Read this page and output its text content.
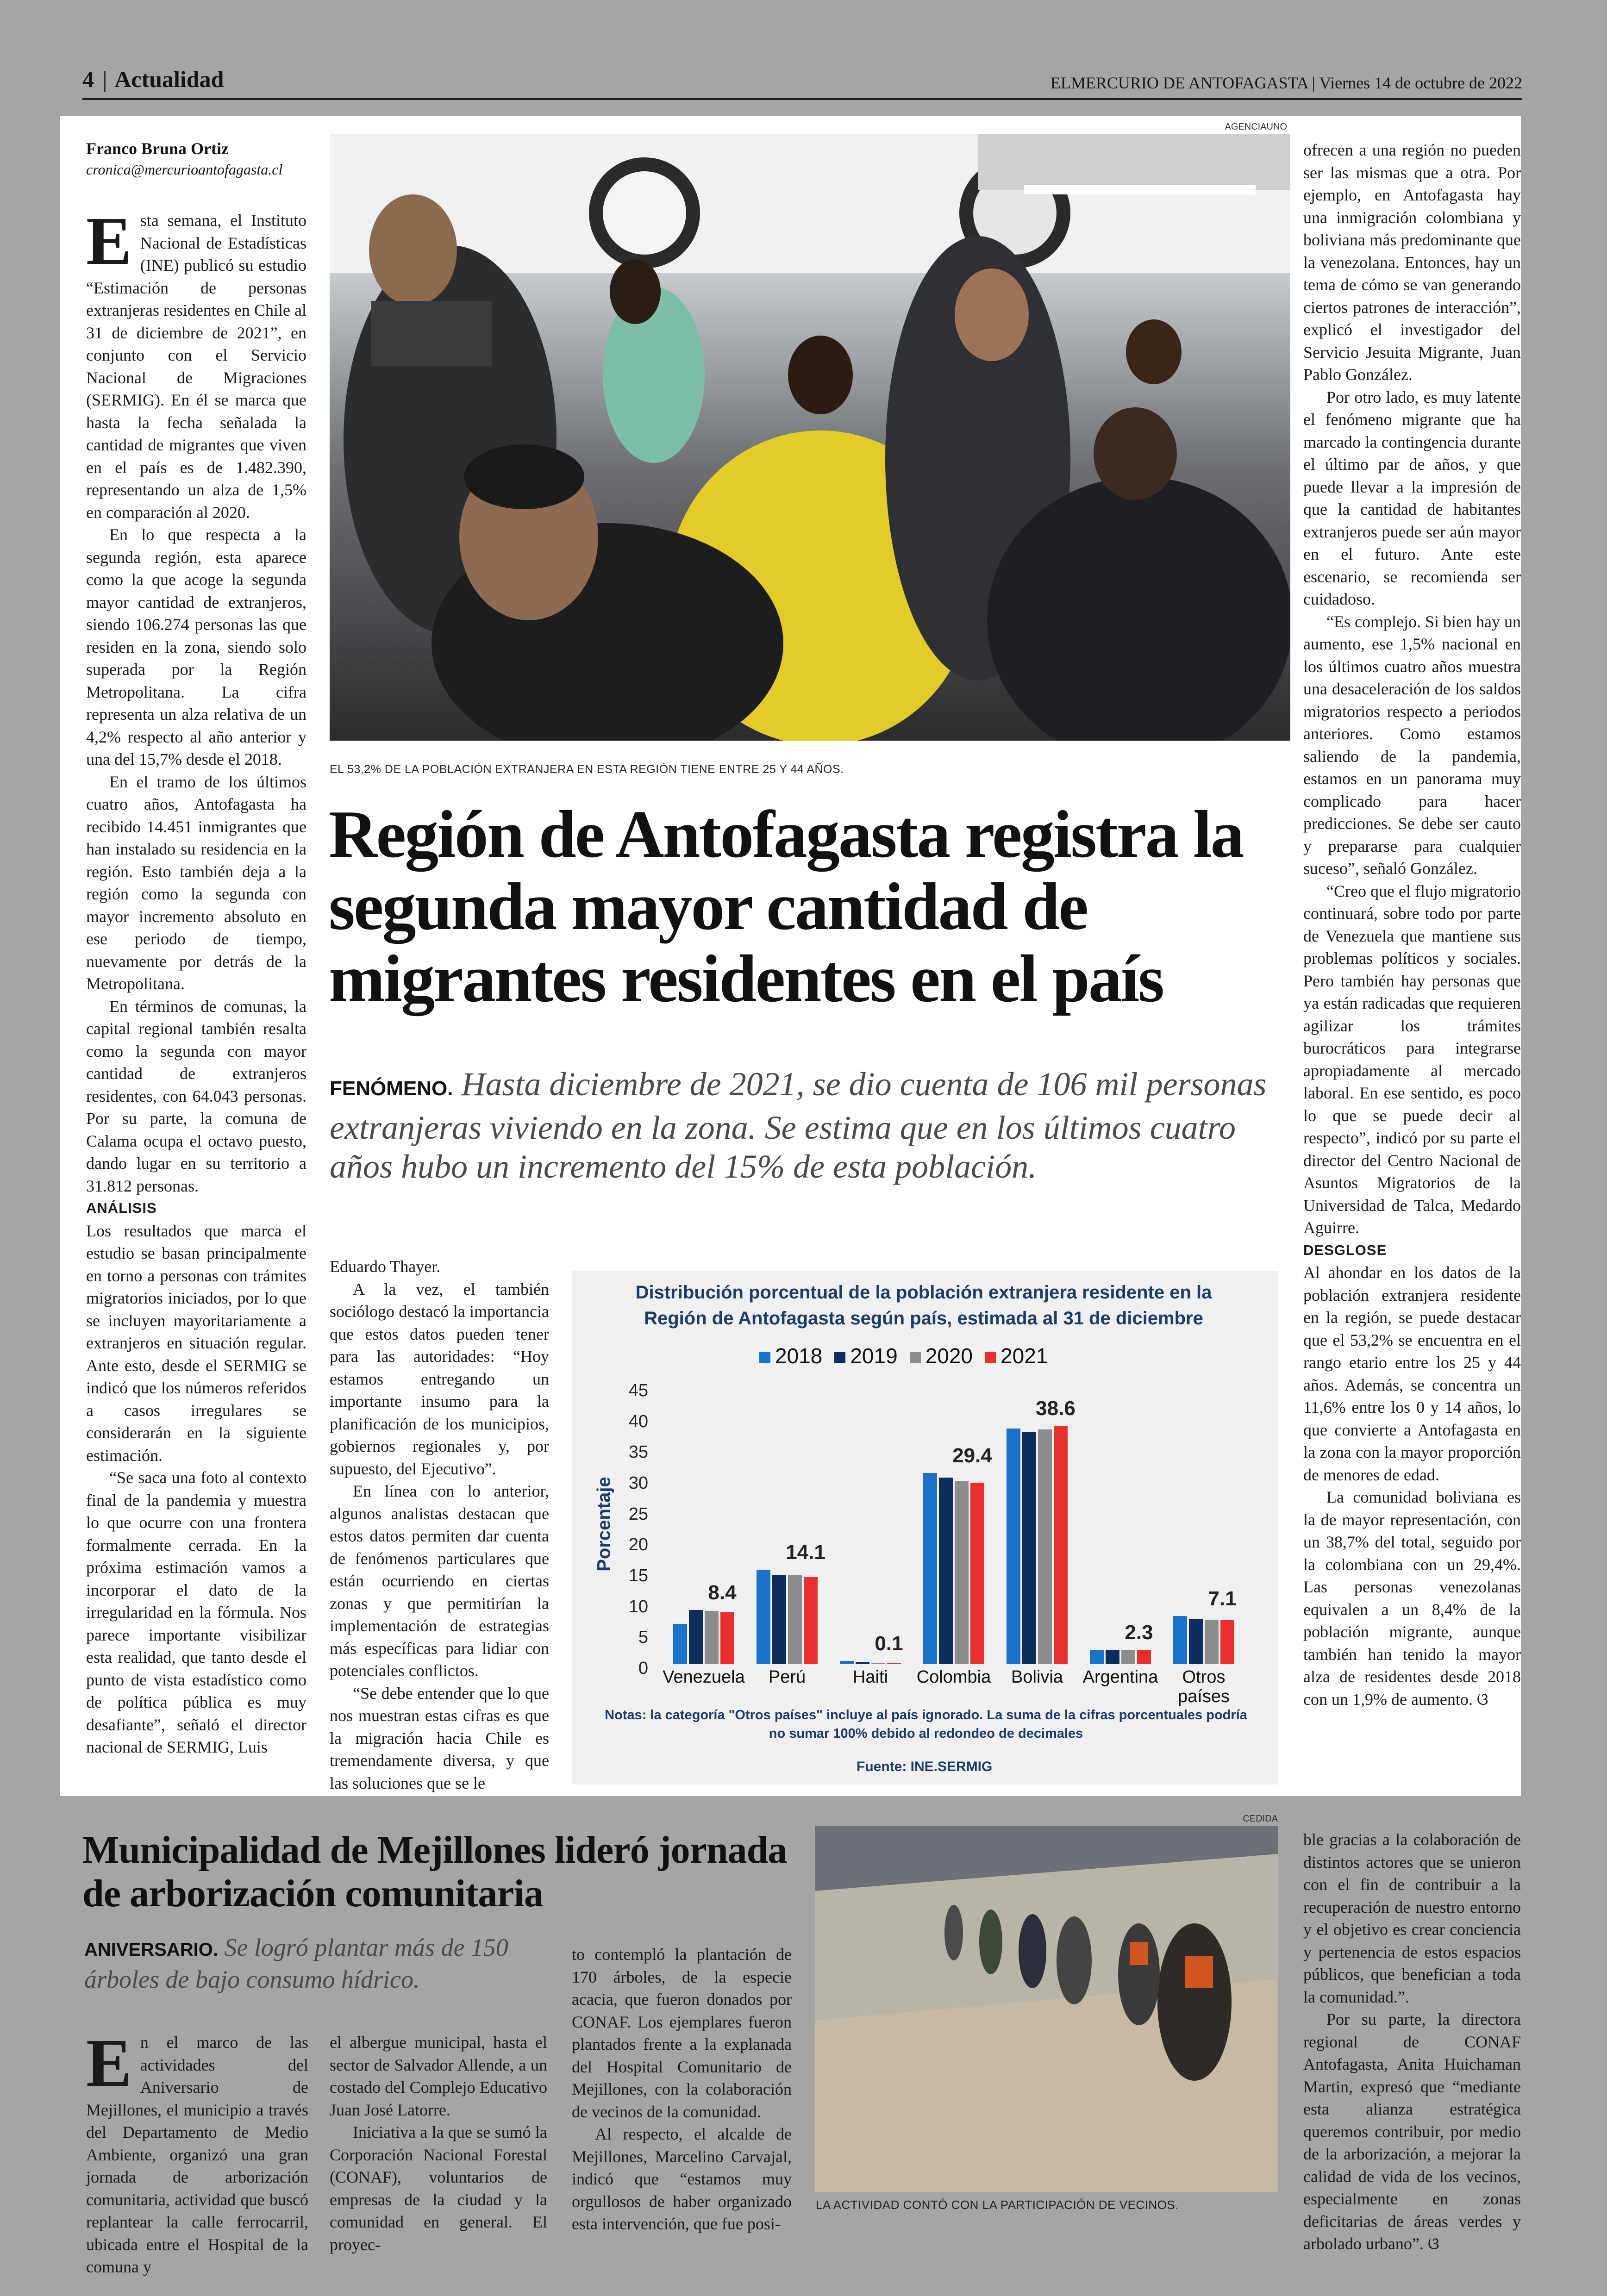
4 | Actualidad	ELMERCURIO DE ANTOFAGASTA | Viernes 14 de octubre de 2022
Franco Bruna Ortiz
cronica@mercurioantofagasta.cl

Esta semana, el Instituto Nacional de Estadísticas (INE) publicó su estudio “Estimación de personas extranjeras residentes en Chile al 31 de diciembre de 2021”, en conjunto con el Servicio Nacional de Migraciones (SERMIG). En él se marca que hasta la fecha señalada la cantidad de migrantes que viven en el país es de 1.482.390, representando un alza de 1,5% en comparación al 2020.

En lo que respecta a la segunda región, esta aparece como la que acoge la segunda mayor cantidad de extranjeros, siendo 106.274 personas las que residen en la zona, siendo solo superada por la Región Metropolitana. La cifra representa un alza relativa de un 4,2% respecto al año anterior y una del 15,7% desde el 2018.

En el tramo de los últimos cuatro años, Antofagasta ha recibido 14.451 inmigrantes que han instalado su residencia en la región. Esto también deja a la región como la segunda con mayor incremento absoluto en ese periodo de tiempo, nuevamente por detrás de la Metropolitana.

En términos de comunas, la capital regional también resalta como la segunda con mayor cantidad de extranjeros residentes, con 64.043 personas. Por su parte, la comuna de Calama ocupa el octavo puesto, dando lugar en su territorio a 31.812 personas.

ANÁLISIS

Los resultados que marca el estudio se basan principalmente en torno a personas con trámites migratorios iniciados, por lo que se incluyen mayoritariamente a extranjeros en situación regular. Ante esto, desde el SERMIG se indicó que los números referidos a casos irregulares se considerarán en la siguiente estimación.

“Se saca una foto al contexto final de la pandemia y muestra lo que ocurre con una frontera formalmente cerrada. En la próxima estimación vamos a incorporar el dato de la irregularidad en la fórmula. Nos parece importante visibilizar esta realidad, que tanto desde el punto de vista estadístico como de política pública es muy desafiante”, señaló el director nacional de SERMIG, Luis

AGENCIAUNO
EL 53,2% DE LA POBLACIÓN EXTRANJERA EN ESTA REGIÓN TIENE ENTRE 25 Y 44 AÑOS.
Región de Antofagasta registra la segunda mayor cantidad de migrantes residentes en el país
FENÓMENO. Hasta diciembre de 2021, se dio cuenta de 106 mil personas extranjeras viviendo en la zona. Se estima que en los últimos cuatro años hubo un incremento del 15% de esta población.

Eduardo Thayer.

A la vez, el también sociólogo destacó la importancia que estos datos pueden tener para las autoridades: “Hoy estamos entregando un importante insumo para la planificación de los municipios, gobiernos regionales y, por supuesto, del Ejecutivo”.

En línea con lo anterior, algunos analistas destacan que estos datos permiten dar cuenta de fenómenos particulares que están ocurriendo en ciertas zonas y que permitirían la implementación de estrategias más específicas para lidiar con potenciales conflictos.

“Se debe entender que lo que nos muestran estas cifras es que la migración hacia Chile es tremendamente diversa, y que las soluciones que se le

Distribución porcentual de la población extranjera residente en la Región de Antofagasta según país, estimada al 31 de diciembre
2018	2019	2020	2021
Porcentaje
0
5
10
15
20
25
30
35
40
45
8.4
14.1
0.1
29.4
38.6
2.3
7.1
Venezuela	Perú	Haiti	Colombia	Bolivia	Argentina	Otros países
Notas: la categoría "Otros países" incluye al país ignorado. La suma de la cifras porcentuales podría no sumar 100% debido al redondeo de decimales
Fuente: INE.SERMIG

ofrecen a una región no pueden ser las mismas que a otra. Por ejemplo, en Antofagasta hay una inmigración colombiana y boliviana más predominante que la venezolana. Entonces, hay un tema de cómo se van generando ciertos patrones de interacción”, explicó el investigador del Servicio Jesuita Migrante, Juan Pablo González.

Por otro lado, es muy latente el fenómeno migrante que ha marcado la contingencia durante el último par de años, y que puede llevar a la impresión de que la cantidad de habitantes extranjeros puede ser aún mayor en el futuro. Ante este escenario, se recomienda ser cuidadoso.

“Es complejo. Si bien hay un aumento, ese 1,5% nacional en los últimos cuatro años muestra una desaceleración de los saldos migratorios respecto a periodos anteriores. Como estamos saliendo de la pandemia, estamos en un panorama muy complicado para hacer predicciones. Se debe ser cauto y prepararse para cualquier suceso”, señaló González.

“Creo que el flujo migratorio continuará, sobre todo por parte de Venezuela que mantiene sus problemas políticos y sociales. Pero también hay personas que ya están radicadas que requieren agilizar los trámites burocráticos para integrarse apropiadamente al mercado laboral. En ese sentido, es poco lo que se puede decir al respecto”, indicó por su parte el director del Centro Nacional de Asuntos Migratorios de la Universidad de Talca, Medardo Aguirre.

DESGLOSE

Al ahondar en los datos de la población extranjera residente en la región, se puede destacar que el 53,2% se encuentra en el rango etario entre los 25 y 44 años. Además, se concentra un 11,6% entre los 0 y 14 años, lo que convierte a Antofagasta en la zona con la mayor proporción de menores de edad.

La comunidad boliviana es la de mayor representación, con un 38,7% del total, seguido por la colombiana con un 29,4%. Las personas venezolanas equivalen a un 8,4% de la población migrante, aunque también han tenido la mayor alza de residentes desde 2018 con un 1,9% de aumento. ଓ

Municipalidad de Mejillones lideró jornada de arborización comunitaria
ANIVERSARIO. Se logró plantar más de 150 árboles de bajo consumo hídrico.

En el marco de las actividades del Aniversario de Mejillones, el municipio a través del Departamento de Medio Ambiente, organizó una gran jornada de arborización comunitaria, actividad que buscó replantear la calle ferrocarril, ubicada entre el Hospital de la comuna y

el albergue municipal, hasta el sector de Salvador Allende, a un costado del Complejo Educativo Juan José Latorre.

Iniciativa a la que se sumó la Corporación Nacional Forestal (CONAF), voluntarios de empresas de la ciudad y la comunidad en general. El proyec-

to contempló la plantación de 170 árboles, de la especie acacia, que fueron donados por CONAF. Los ejemplares fueron plantados frente a la explanada del Hospital Comunitario de Mejillones, con la colaboración de vecinos de la comunidad.

Al respecto, el alcalde de Mejillones, Marcelino Carvajal, indicó que “estamos muy orgullosos de haber organizado esta intervención, que fue posi-

CEDIDA
LA ACTIVIDAD CONTÓ CON LA PARTICIPACIÓN DE VECINOS.

ble gracias a la colaboración de distintos actores que se unieron con el fin de contribuir a la recuperación de nuestro entorno y el objetivo es crear conciencia y pertenencia de estos espacios públicos, que benefician a toda la comunidad.”.

Por su parte, la directora regional de CONAF Antofagasta, Anita Huichaman Martin, expresó que “mediante esta alianza estratégica queremos contribuir, por medio de la arborización, a mejorar la calidad de vida de los vecinos, especialmente en zonas deficitarias de áreas verdes y arbolado urbano”. ଓ
